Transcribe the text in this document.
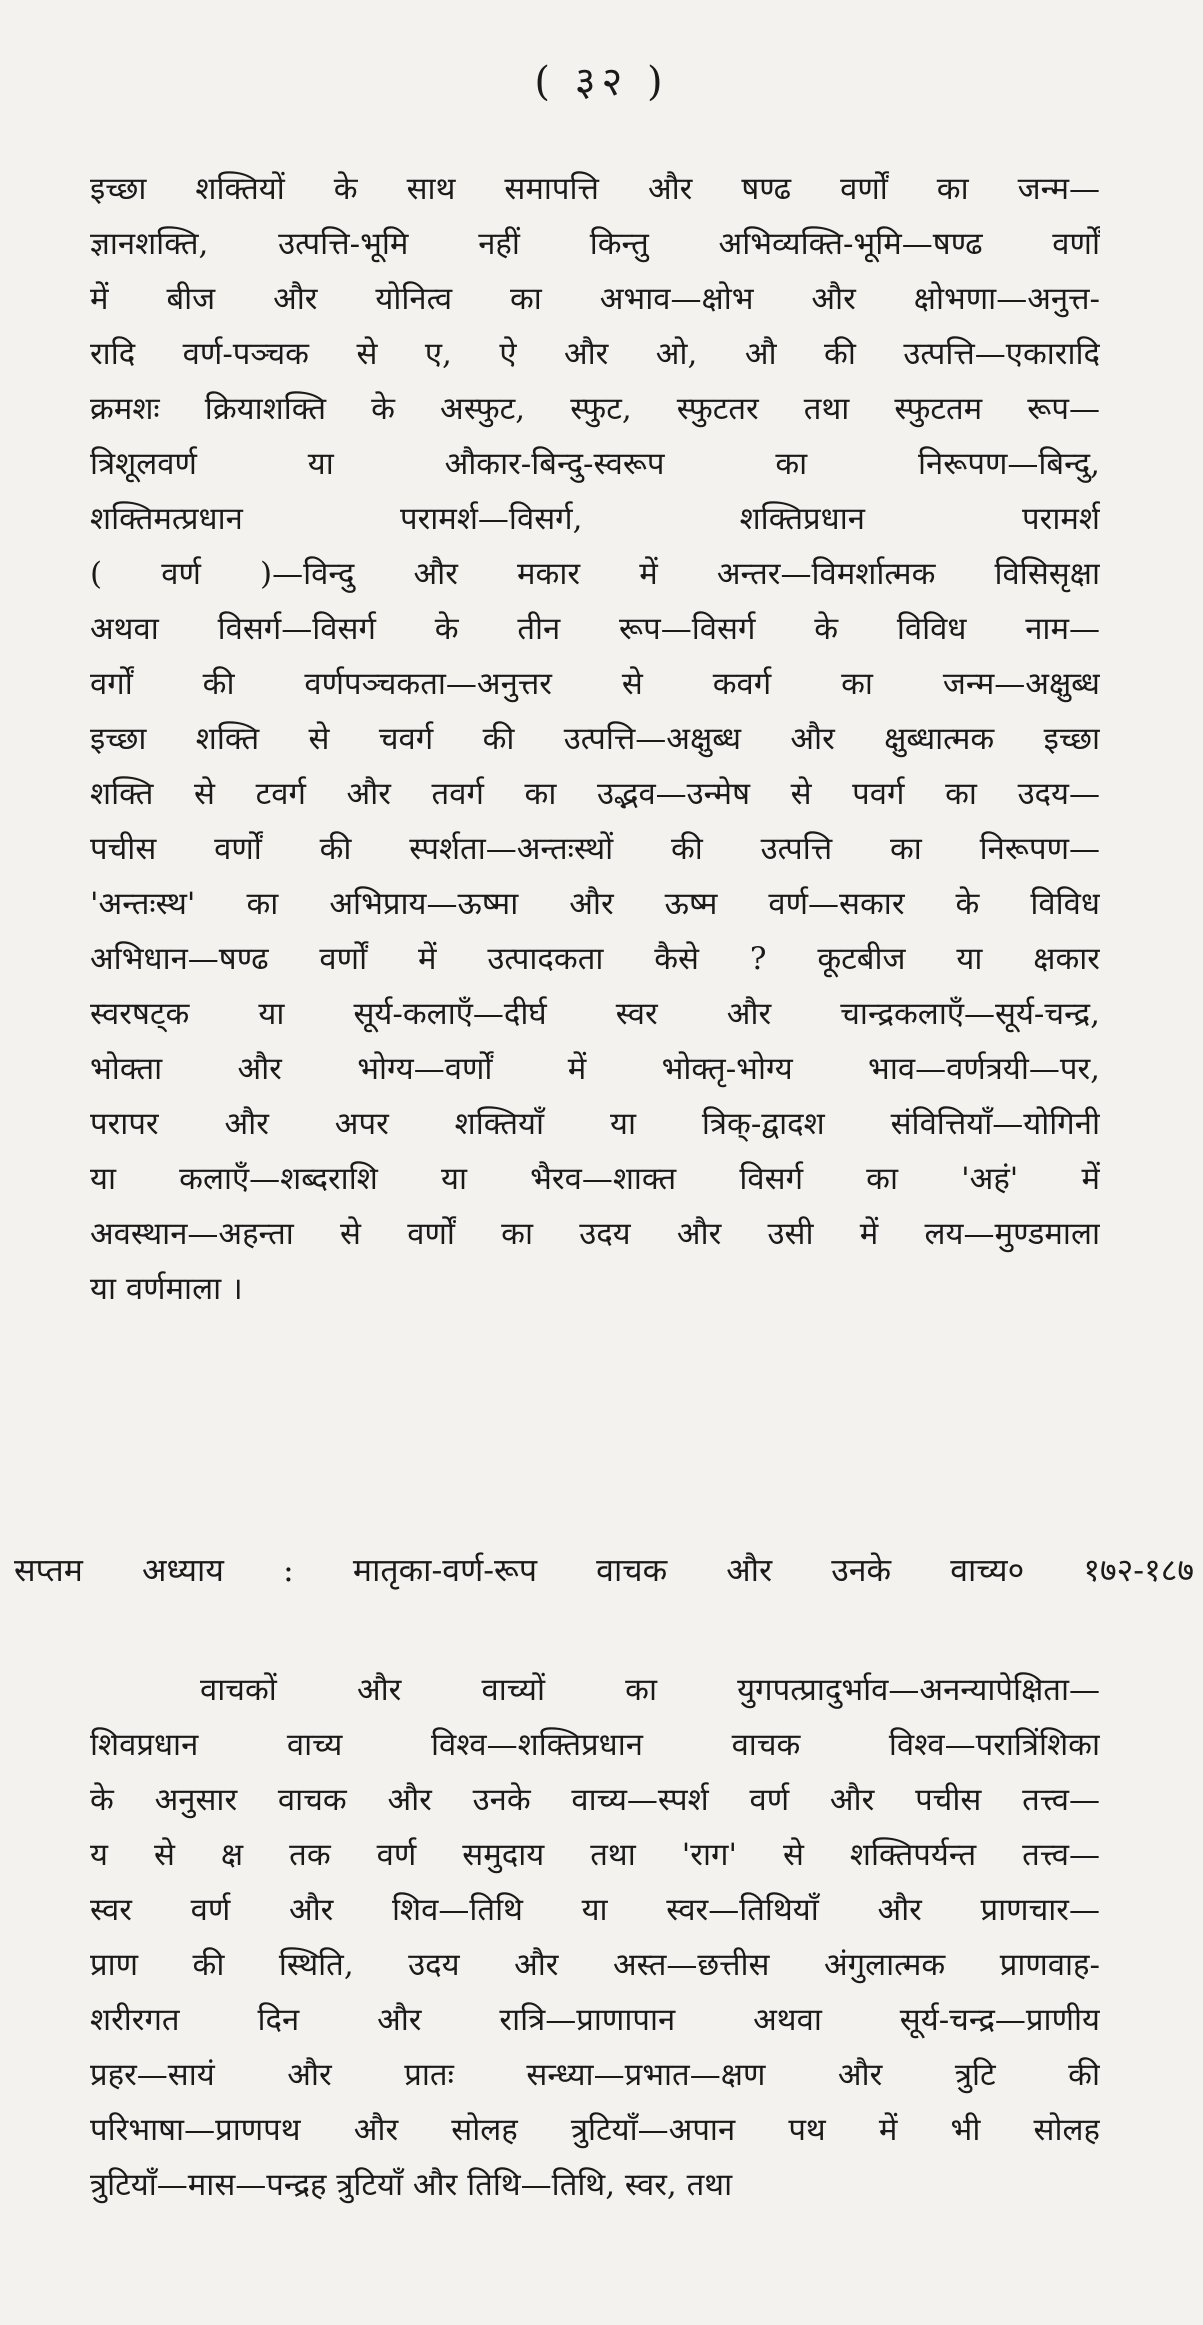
( ३२ )
इच्छा शक्तियों के साथ समापत्ति और षण्ढ वर्णों का जन्म—
ज्ञानशक्ति, उत्पत्ति-भूमि नहीं किन्तु अभिव्यक्ति-भूमि—षण्ढ वर्णों
में बीज और योनित्व का अभाव—क्षोभ और क्षोभणा—अनुत्त-
रादि वर्ण-पञ्चक से ए, ऐ और ओ, औ की उत्पत्ति—एकारादि
क्रमशः क्रियाशक्ति के अस्फुट, स्फुट, स्फुटतर तथा स्फुटतम रूप—
त्रिशूलवर्ण या औकार-बिन्दु-स्वरूप का निरूपण—बिन्दु,
शक्तिमत्प्रधान परामर्श—विसर्ग, शक्तिप्रधान परामर्श
( वर्ण )—विन्दु और मकार में अन्तर—विमर्शात्मक विसिसृक्षा
अथवा विसर्ग—विसर्ग के तीन रूप—विसर्ग के विविध नाम—
वर्गों की वर्णपञ्चकता—अनुत्तर से कवर्ग का जन्म—अक्षुब्ध
इच्छा शक्ति से चवर्ग की उत्पत्ति—अक्षुब्ध और क्षुब्धात्मक इच्छा
शक्ति से टवर्ग और तवर्ग का उद्भव—उन्मेष से पवर्ग का उदय—
पचीस वर्णों की स्पर्शता—अन्तःस्थों की उत्पत्ति का निरूपण—
'अन्तःस्थ' का अभिप्राय—ऊष्मा और ऊष्म वर्ण—सकार के विविध
अभिधान—षण्ढ वर्णों में उत्पादकता कैसे ? कूटबीज या क्षकार
स्वरषट्क या सूर्य-कलाएँ—दीर्घ स्वर और चान्द्रकलाएँ—सूर्य-चन्द्र,
भोक्ता और भोग्य—वर्णों में भोक्तृ-भोग्य भाव—वर्णत्रयी—पर,
परापर और अपर शक्तियाँ या त्रिक्-द्वादश संवित्तियाँ—योगिनी
या कलाएँ—शब्दराशि या भैरव—शाक्त विसर्ग का 'अहं' में
अवस्थान—अहन्ता से वर्णों का उदय और उसी में लय—मुण्डमाला
या वर्णमाला ।
सप्तम अध्याय : मातृका-वर्ण-रूप वाचक और उनके वाच्य० १७२-१८७
वाचकों और वाच्यों का युगपत्प्रादुर्भाव—अनन्यापेक्षिता—
शिवप्रधान वाच्य विश्व—शक्तिप्रधान वाचक विश्व—परात्रिंशिका
के अनुसार वाचक और उनके वाच्य—स्पर्श वर्ण और पचीस तत्त्व—
य से क्ष तक वर्ण समुदाय तथा 'राग' से शक्तिपर्यन्त तत्त्व—
स्वर वर्ण और शिव—तिथि या स्वर—तिथियाँ और प्राणचार—
प्राण की स्थिति, उदय और अस्त—छत्तीस अंगुलात्मक प्राणवाह-
शरीरगत दिन और रात्रि—प्राणापान अथवा सूर्य-चन्द्र—प्राणीय
प्रहर—सायं और प्रातः सन्ध्या—प्रभात—क्षण और त्रुटि की
परिभाषा—प्राणपथ और सोलह त्रुटियाँ—अपान पथ में भी सोलह
त्रुटियाँ—मास—पन्द्रह त्रुटियाँ और तिथि—तिथि, स्वर, तथा
